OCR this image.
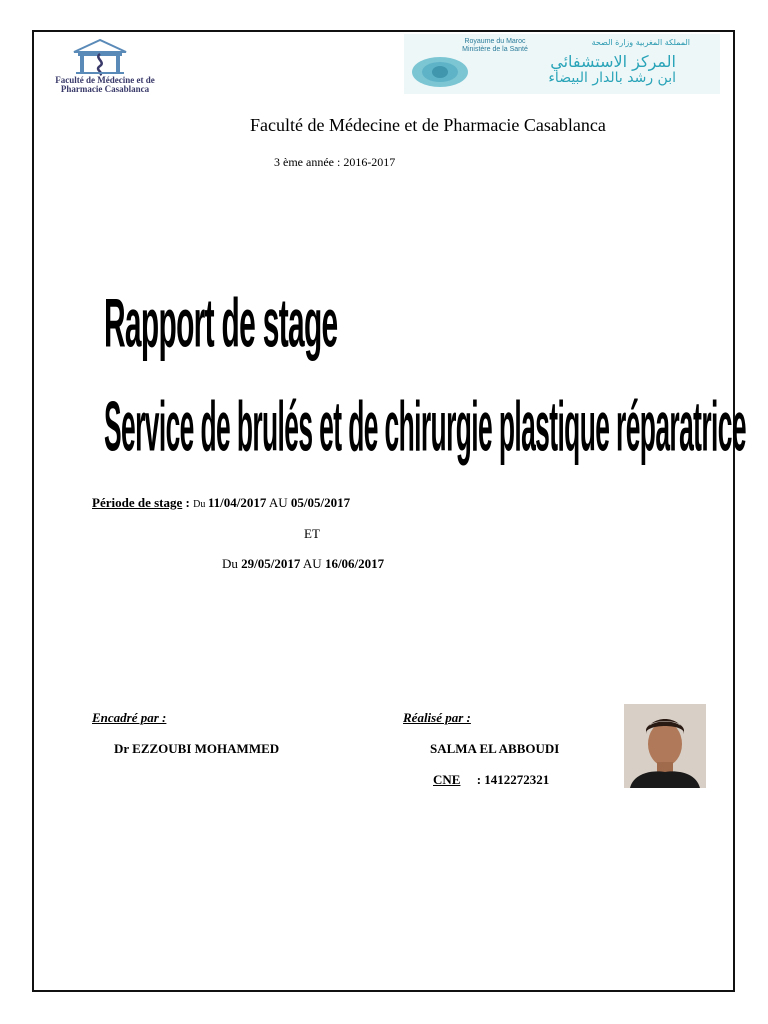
Faculté de Médecine et de Pharmacie Casablanca
Royaume du Maroc
Ministère de la Santé
المملكة المغربية وزارة الصحة
المركز الاستشفائي
ابن رشد بالدار البيضاء
Faculté de Médecine et de Pharmacie Casablanca
3 ème année : 2016-2017
Rapport de stage
Service de brulés et de chirurgie plastique réparatrice
Période de stage : Du 11/04/2017 AU 05/05/2017
ET
Du 29/05/2017 AU 16/06/2017
Encadré par :	Réalisé par :
Dr EZZOUBI MOHAMMED	SALMA EL ABBOUDI
CNE     : 1412272321
